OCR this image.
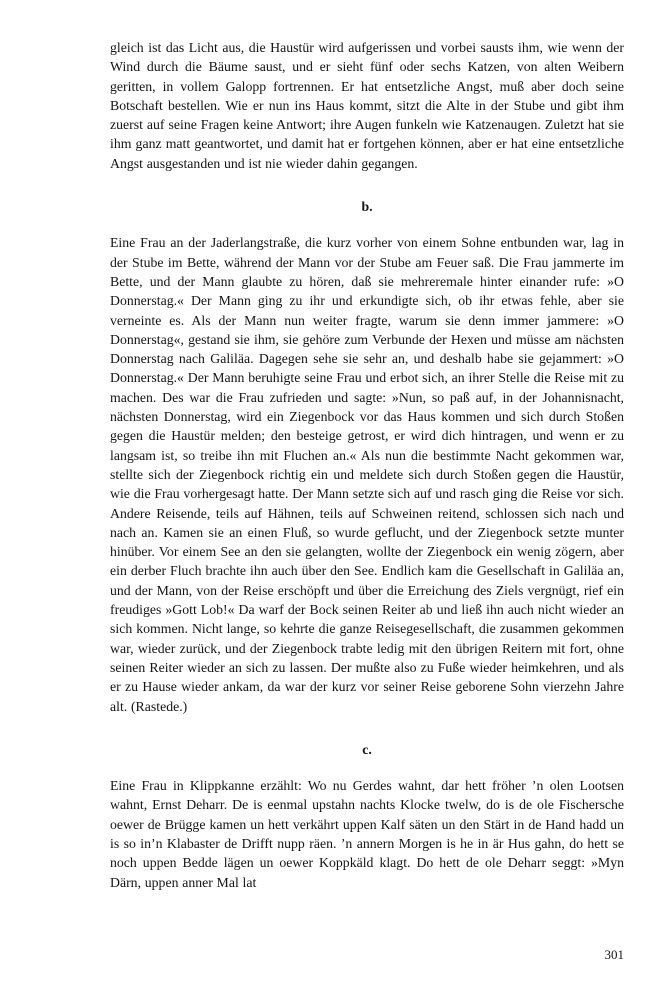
gleich ist das Licht aus, die Haustür wird aufgerissen und vorbei sausts ihm, wie wenn der Wind durch die Bäume saust, und er sieht fünf oder sechs Katzen, von alten Weibern geritten, in vollem Galopp fortrennen. Er hat entsetzliche Angst, muß aber doch seine Botschaft bestellen. Wie er nun ins Haus kommt, sitzt die Alte in der Stube und gibt ihm zuerst auf seine Fragen keine Antwort; ihre Augen funkeln wie Katzenaugen. Zuletzt hat sie ihm ganz matt geantwortet, und damit hat er fortgehen können, aber er hat eine entsetzliche Angst ausgestanden und ist nie wieder dahin gegangen.

b.

Eine Frau an der Jaderlangstraße, die kurz vorher von einem Sohne entbunden war, lag in der Stube im Bette, während der Mann vor der Stube am Feuer saß. Die Frau jammerte im Bette, und der Mann glaubte zu hören, daß sie mehreremale hinter einander rufe: »O Donnerstag.« Der Mann ging zu ihr und erkundigte sich, ob ihr etwas fehle, aber sie verneinte es. Als der Mann nun weiter fragte, warum sie denn immer jammere: »O Donnerstag«, gestand sie ihm, sie gehöre zum Verbunde der Hexen und müsse am nächsten Donnerstag nach Galiläa. Dagegen sehe sie sehr an, und deshalb habe sie gejammert: »O Donnerstag.« Der Mann beruhigte seine Frau und erbot sich, an ihrer Stelle die Reise mit zu machen. Des war die Frau zufrieden und sagte: »Nun, so paß auf, in der Johannisnacht, nächsten Donnerstag, wird ein Ziegenbock vor das Haus kommen und sich durch Stoßen gegen die Haustür melden; den besteige getrost, er wird dich hintragen, und wenn er zu langsam ist, so treibe ihn mit Fluchen an.« Als nun die bestimmte Nacht gekommen war, stellte sich der Ziegenbock richtig ein und meldete sich durch Stoßen gegen die Haustür, wie die Frau vorhergesagt hatte. Der Mann setzte sich auf und rasch ging die Reise vor sich. Andere Reisende, teils auf Hähnen, teils auf Schweinen reitend, schlossen sich nach und nach an. Kamen sie an einen Fluß, so wurde geflucht, und der Ziegenbock setzte munter hinüber. Vor einem See an den sie gelangten, wollte der Ziegenbock ein wenig zögern, aber ein derber Fluch brachte ihn auch über den See. Endlich kam die Gesellschaft in Galiläa an, und der Mann, von der Reise erschöpft und über die Erreichung des Ziels vergnügt, rief ein freudiges »Gott Lob!« Da warf der Bock seinen Reiter ab und ließ ihn auch nicht wieder an sich kommen. Nicht lange, so kehrte die ganze Reisegesellschaft, die zusammen gekommen war, wieder zurück, und der Ziegenbock trabte ledig mit den übrigen Reitern mit fort, ohne seinen Reiter wieder an sich zu lassen. Der mußte also zu Fuße wieder heimkehren, und als er zu Hause wieder ankam, da war der kurz vor seiner Reise geborene Sohn vierzehn Jahre alt. (Rastede.)

c.

Eine Frau in Klippkanne erzählt: Wo nu Gerdes wahnt, dar hett fröher ’n olen Lootsen wahnt, Ernst Deharr. De is eenmal upstahn nachts Klocke twelw, do is de ole Fischersche oewer de Brügge kamen un hett verkährt uppen Kalf säten un den Stärt in de Hand hadd un is so in’n Klabaster de Drifft nupp räen. ’n annern Morgen is he in är Hus gahn, do hett se noch uppen Bedde lägen un oewer Koppkäld klagt. Do hett de ole Deharr seggt: »Myn Därn, uppen anner Mal lat

301
